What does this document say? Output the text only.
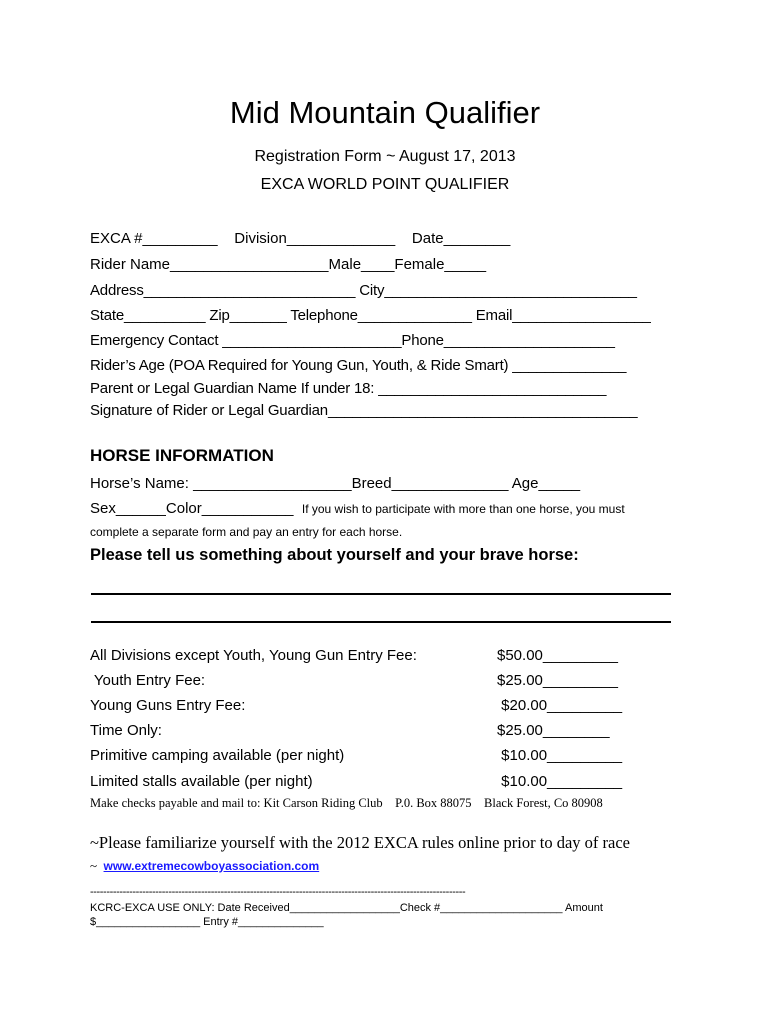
Mid Mountain Qualifier
Registration Form ~ August 17, 2013
EXCA WORLD POINT QUALIFIER
EXCA #_________    Division_____________    Date________
Rider Name___________________Male____Female_____
Address__________________________ City_______________________________
State__________ Zip_______ Telephone______________ Email_________________
Emergency Contact ______________________Phone_____________________
Rider’s Age (POA Required for Young Gun, Youth, & Ride Smart) ______________
Parent or Legal Guardian Name If under 18: ____________________________
Signature of Rider or Legal Guardian______________________________________
HORSE INFORMATION
Horse’s Name: ___________________Breed______________ Age_____
Sex______Color___________ If you wish to participate with more than one horse, you must
complete a separate form and pay an entry for each horse.
Please tell us something about yourself and your brave horse:
All Divisions except Youth, Young Gun Entry Fee:	$50.00_________
Youth Entry Fee:	$25.00_________
Young Guns Entry Fee:	$20.00_________
Time Only:	$25.00________
Primitive camping available (per night)	$10.00_________
Limited stalls available (per night)	$10.00_________
Make checks payable and mail to: Kit Carson Riding Club    P.0. Box 88075    Black Forest, Co 80908
~Please familiarize yourself with the 2012 EXCA rules online prior to day of race
~  www.extremecowboyassociation.com
-------------------------------------------------------------------------------------------------------------------
KCRC-EXCA USE ONLY: Date Received__________________Check #____________________ Amount
$_________________ Entry #______________
